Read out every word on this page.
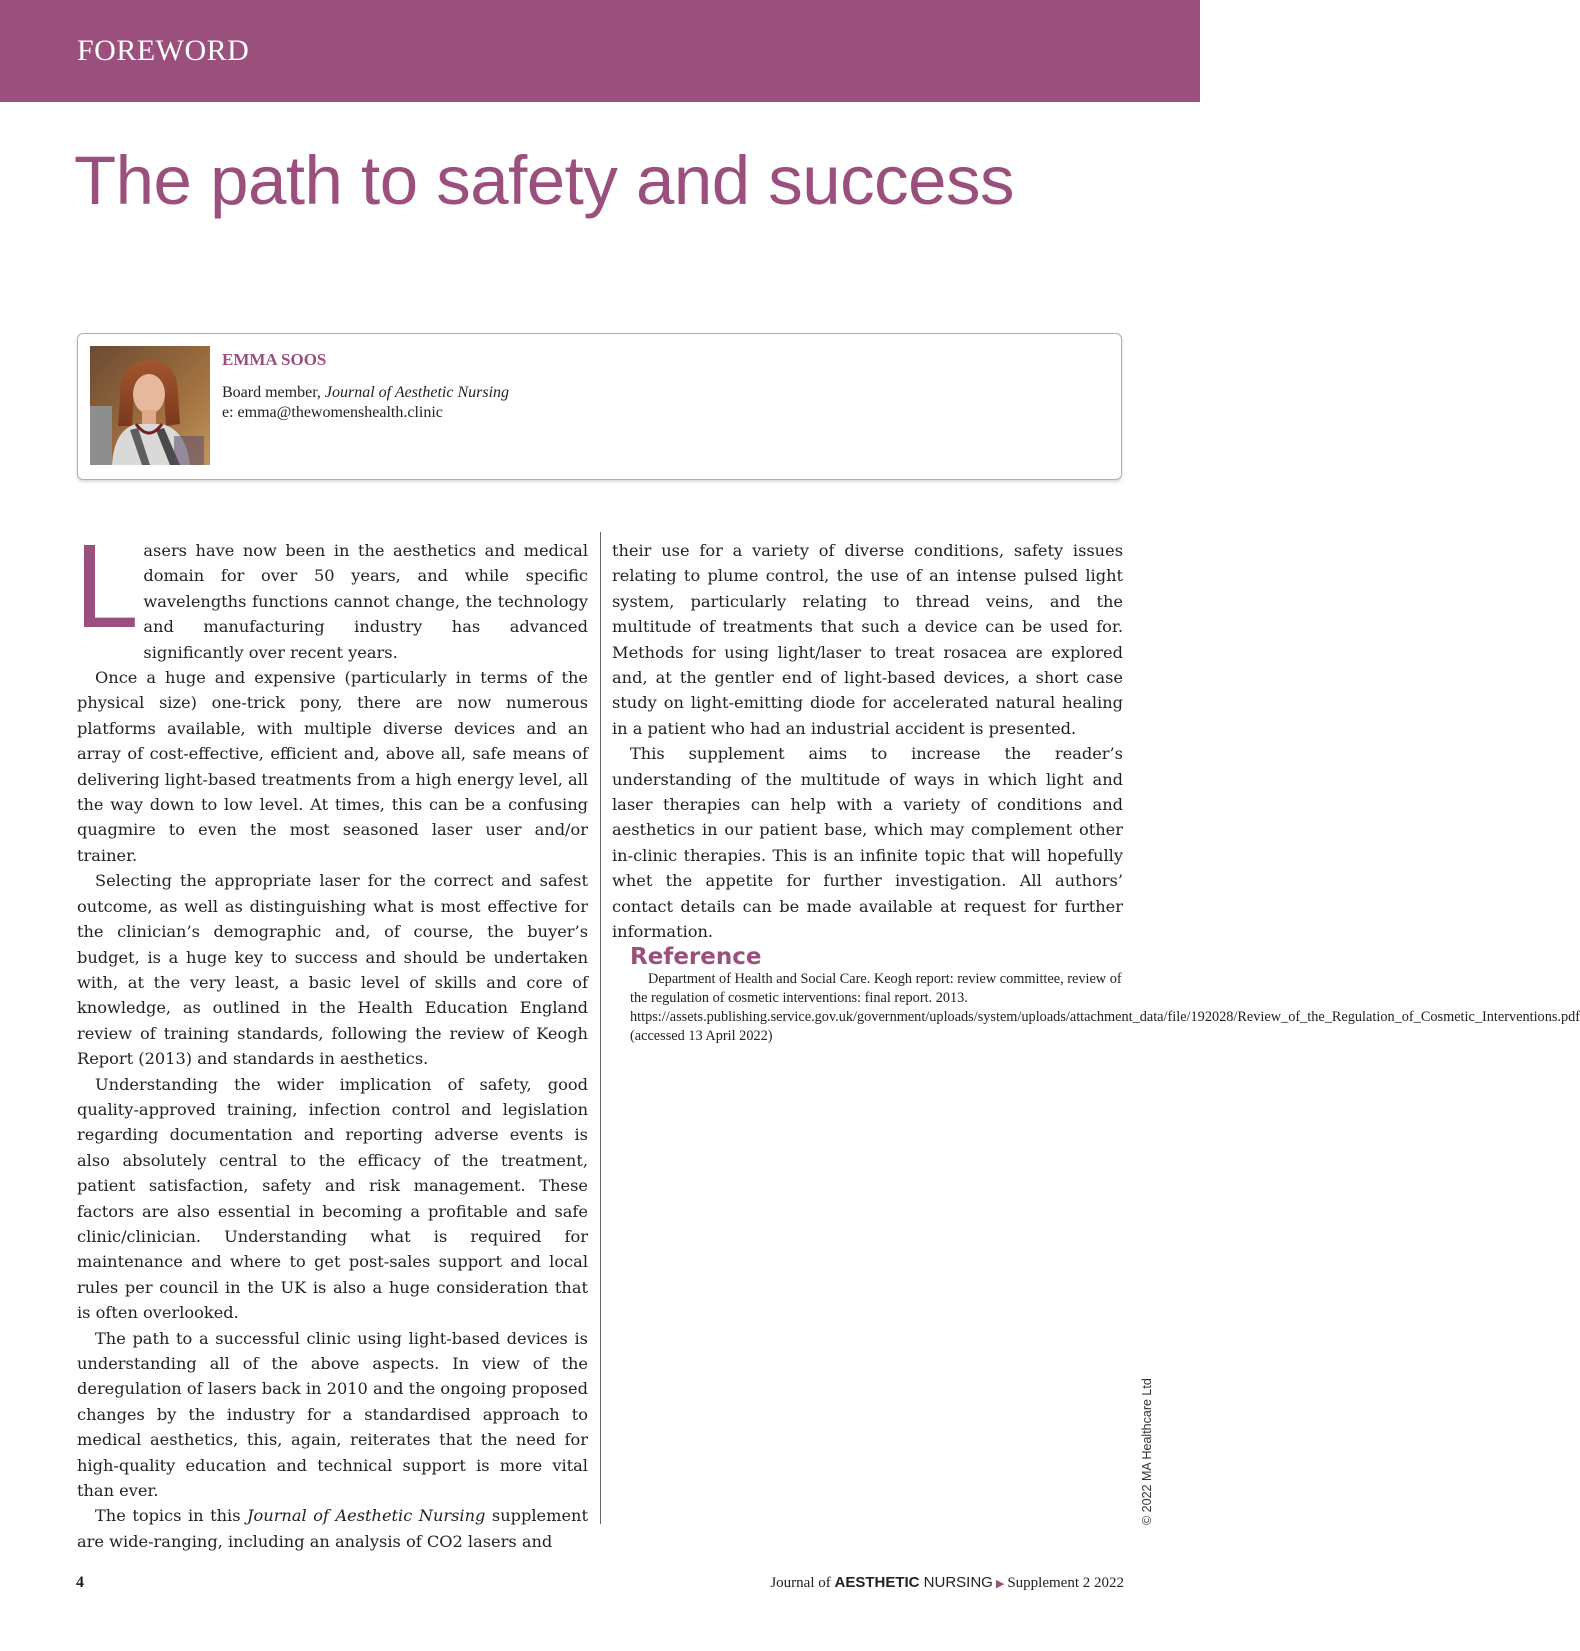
FOREWORD
The path to safety and success
EMMA SOOS
Board member, Journal of Aesthetic Nursing
e: emma@thewomenshealth.clinic

Lasers have now been in the aesthetics and medical domain for over 50 years, and while specific wavelengths functions cannot change, the technology and manufacturing industry has advanced significantly over recent years.

Once a huge and expensive (particularly in terms of the physical size) one-trick pony, there are now numerous platforms available, with multiple diverse devices and an array of cost-effective, efficient and, above all, safe means of delivering light-based treatments from a high energy level, all the way down to low level. At times, this can be a confusing quagmire to even the most seasoned laser user and/or trainer.

Selecting the appropriate laser for the correct and safest outcome, as well as distinguishing what is most effective for the clinician’s demographic and, of course, the buyer’s budget, is a huge key to success and should be undertaken with, at the very least, a basic level of skills and core of knowledge, as outlined in the Health Education England review of training standards, following the review of Keogh Report (2013) and standards in aesthetics.

Understanding the wider implication of safety, good quality-approved training, infection control and legislation regarding documentation and reporting adverse events is also absolutely central to the efficacy of the treatment, patient satisfaction, safety and risk management. These factors are also essential in becoming a profitable and safe clinic/clinician. Understanding what is required for maintenance and where to get post-sales support and local rules per council in the UK is also a huge consideration that is often overlooked.

The path to a successful clinic using light-based devices is understanding all of the above aspects. In view of the deregulation of lasers back in 2010 and the ongoing proposed changes by the industry for a standardised approach to medical aesthetics, this, again, reiterates that the need for high-quality education and technical support is more vital than ever.

The topics in this Journal of Aesthetic Nursing supplement are wide-ranging, including an analysis of CO2 lasers and

their use for a variety of diverse conditions, safety issues relating to plume control, the use of an intense pulsed light system, particularly relating to thread veins, and the multitude of treatments that such a device can be used for. Methods for using light/laser to treat rosacea are explored and, at the gentler end of light-based devices, a short case study on light-emitting diode for accelerated natural healing in a patient who had an industrial accident is presented.

This supplement aims to increase the reader’s understanding of the multitude of ways in which light and laser therapies can help with a variety of conditions and aesthetics in our patient base, which may complement other in-clinic therapies. This is an infinite topic that will hopefully whet the appetite for further investigation. All authors’ contact details can be made available at request for further information.

Reference

Department of Health and Social Care. Keogh report: review committee, review of the regulation of cosmetic interventions: final report. 2013. https://assets.publishing.service.gov.uk/government/uploads/system/uploads/attachment_data/file/192028/Review_of_the_Regulation_of_Cosmetic_Interventions.pdf (accessed 13 April 2022)

© 2022 MA Healthcare Ltd
4	Journal of AESTHETIC NURSING ▶ Supplement 2 2022
